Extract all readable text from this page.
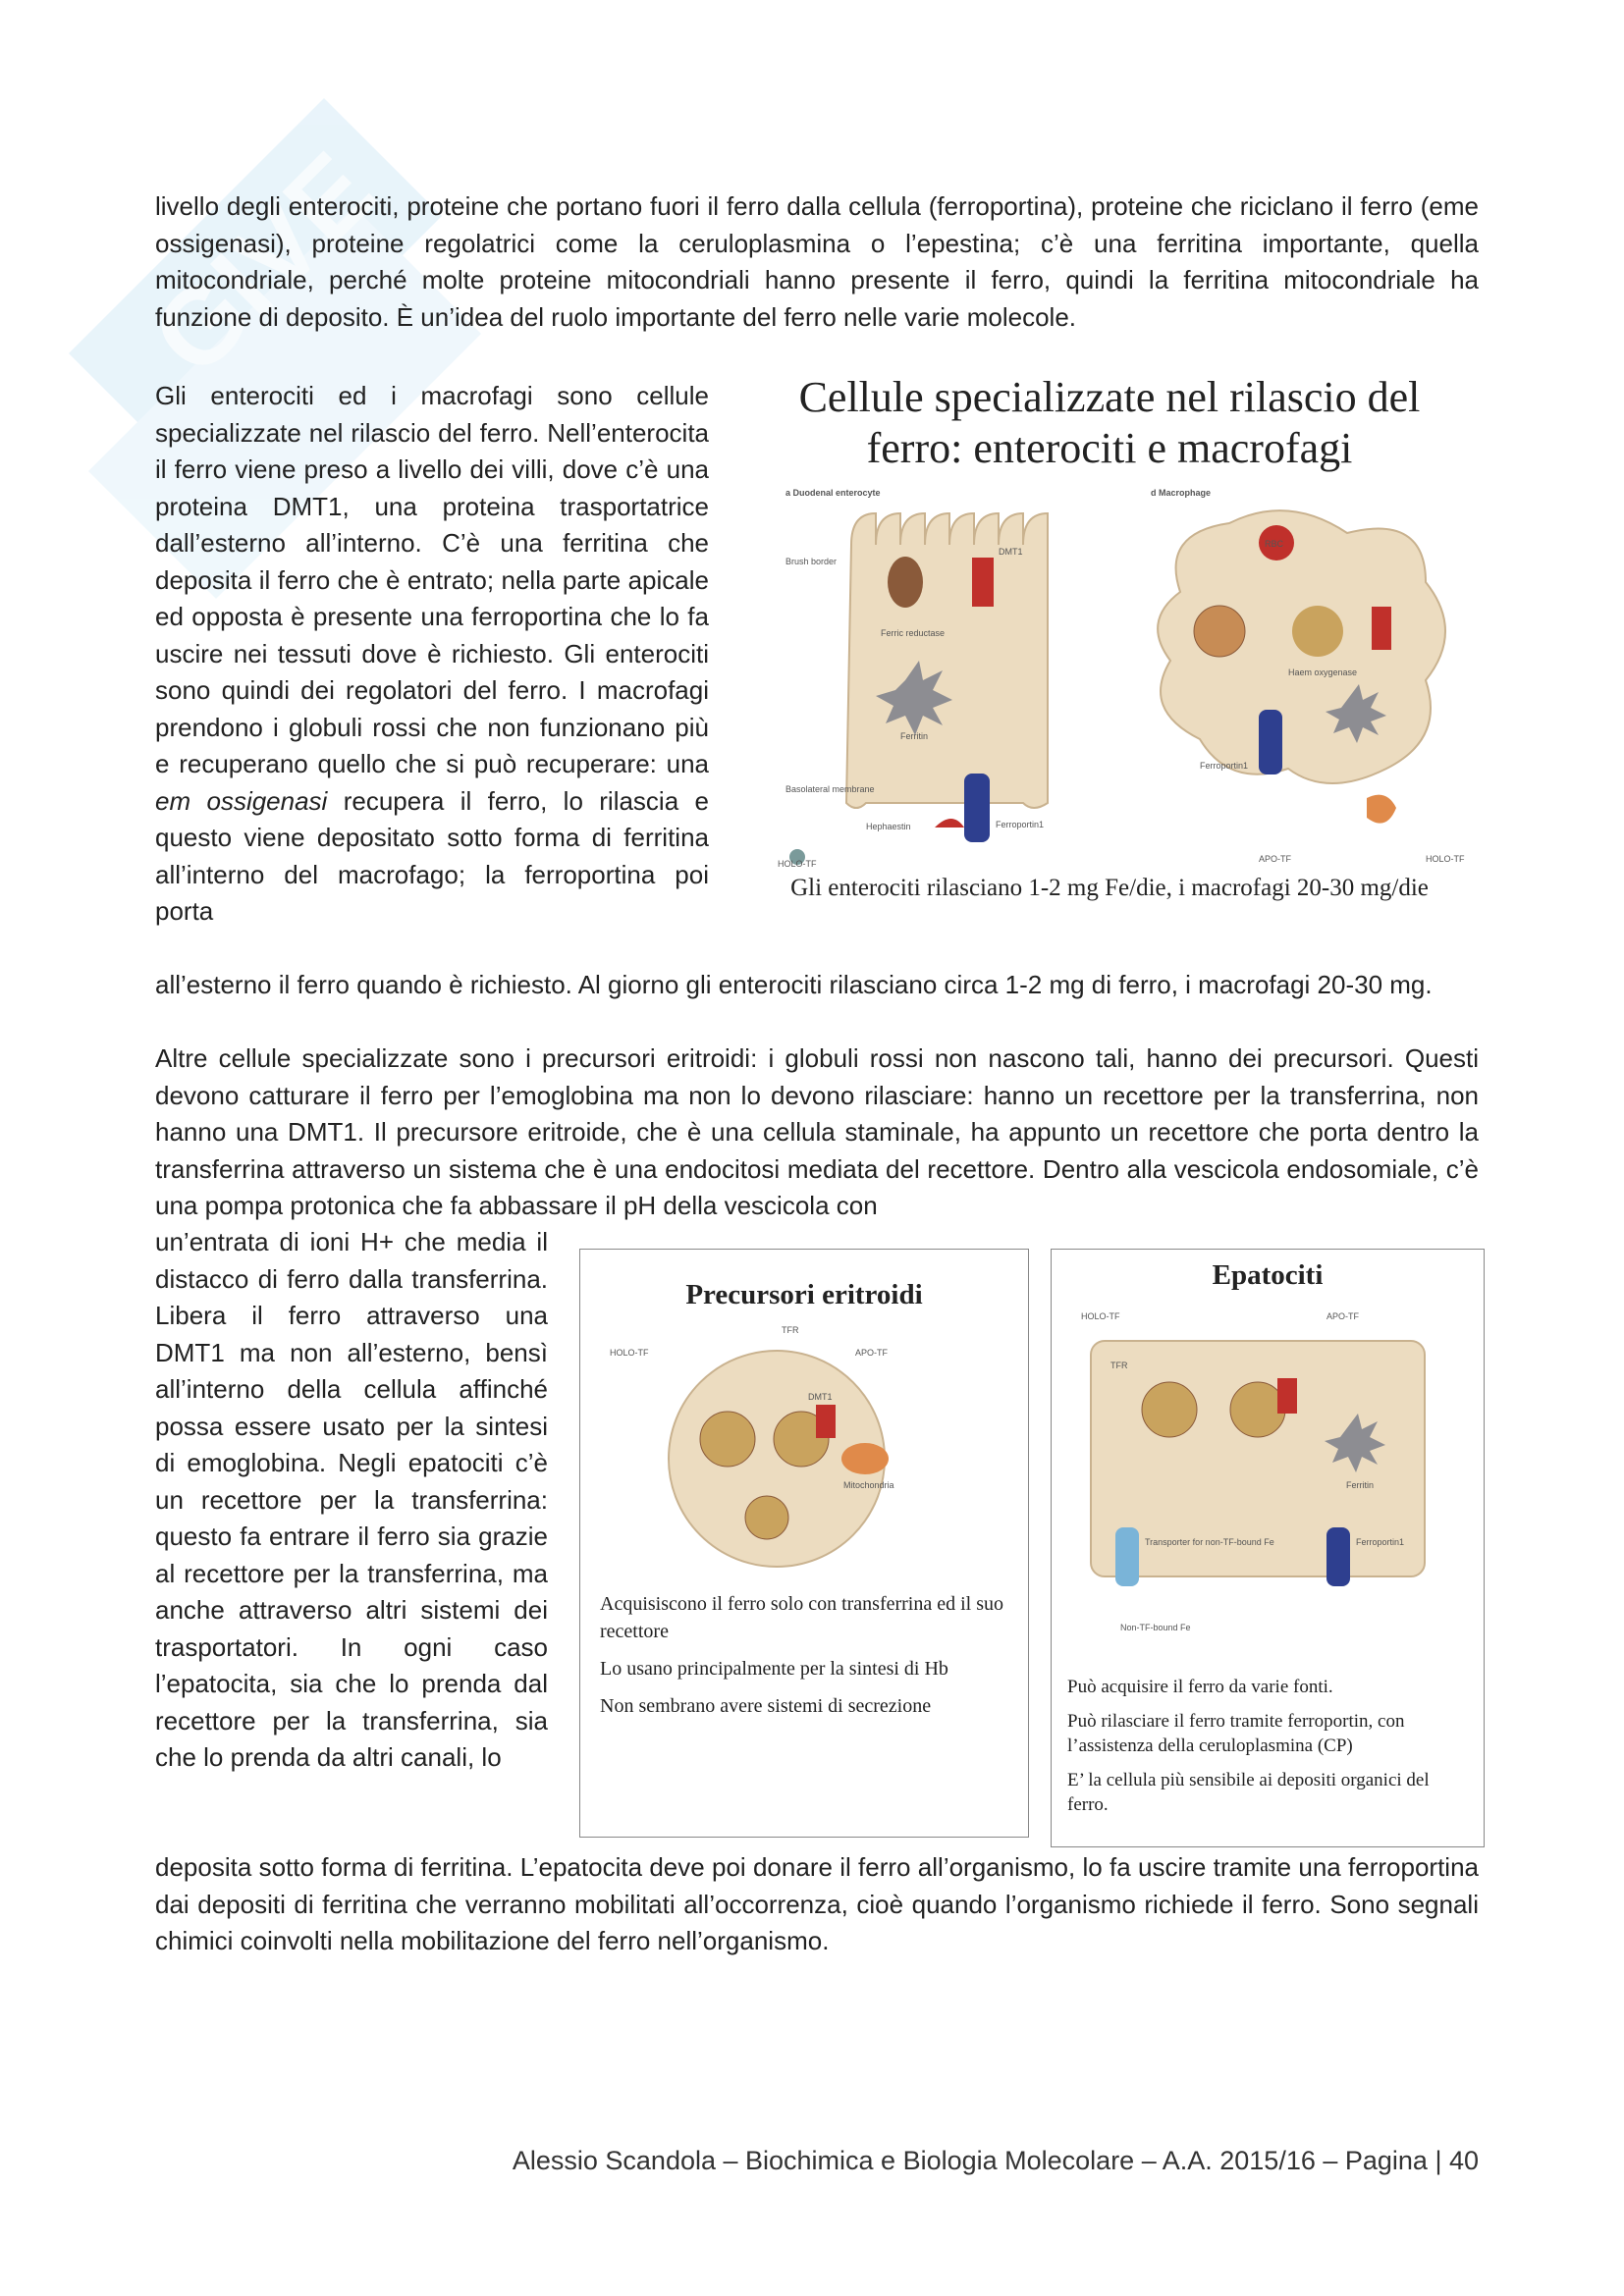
GIVE

livello degli enterociti, proteine che portano fuori il ferro dalla cellula (ferroportina), proteine che riciclano il ferro (eme ossigenasi), proteine regolatrici come la ceruloplasmina o l’epestina; c’è una ferritina importante, quella mitocondriale, perché molte proteine mitocondriali hanno presente il ferro, quindi la ferritina mitocondriale ha funzione di deposito. È un’idea del ruolo importante del ferro nelle varie molecole.

Gli enterociti ed i macrofagi sono cellule specializzate nel rilascio del ferro. Nell’enterocita il ferro viene preso a livello dei villi, dove c’è una proteina DMT1, una proteina trasportatrice dall’esterno all’interno. C’è una ferritina che deposita il ferro che è entrato; nella parte apicale ed opposta è presente una ferroportina che lo fa uscire nei tessuti dove è richiesto. Gli enterociti sono quindi dei regolatori del ferro. I macrofagi prendono i globuli rossi che non funzionano più e recuperano quello che si può recuperare: una em ossigenasi recupera il ferro, lo rilascia e questo viene depositato sotto forma di ferritina all’interno del macrofago; la ferroportina poi porta

all’esterno il ferro quando è richiesto. Al giorno gli enterociti rilasciano circa 1-2 mg di ferro, i macrofagi 20-30 mg.

Altre cellule specializzate sono i precursori eritroidi: i globuli rossi non nascono tali, hanno dei precursori. Questi devono catturare il ferro per l’emoglobina ma non lo devono rilasciare: hanno un recettore per la transferrina, non hanno una DMT1. Il precursore eritroide, che è una cellula staminale, ha appunto un recettore che porta dentro la transferrina attraverso un sistema che è una endocitosi mediata del recettore. Dentro alla vescicola endosomiale, c’è una pompa protonica che fa abbassare il pH della vescicola con

un’entrata di ioni H+ che media il distacco di ferro dalla transferrina. Libera il ferro attraverso una DMT1 ma non all’esterno, bensì all’interno della cellula affinché possa essere usato per la sintesi di emoglobina. Negli epatociti c’è un recettore per la transferrina: questo fa entrare il ferro sia grazie al recettore per la transferrina, ma anche attraverso altri sistemi dei trasportatori. In ogni caso l’epatocita, sia che lo prenda dal recettore per la transferrina, sia che lo prenda da altri canali, lo

deposita sotto forma di ferritina. L’epatocita deve poi donare il ferro all’organismo, lo fa uscire tramite una ferroportina dai depositi di ferritina che verranno mobilitati all’occorrenza, cioè quando l’organismo richiede il ferro. Sono segnali chimici coinvolti nella mobilitazione del ferro nell’organismo.

Cellule specializzate nel rilascio del
ferro: enterociti e macrofagi
a Duodenal enterocyte
Brush border
Basolateral membrane
Ferric reductase
DMT1
Ferritin
Ferroportin1
Hephaestin
HOLO-TF
d Macrophage
RBC
Haem oxygenase
Ferroportin1
APO-TF	HOLO-TF
Gli enterociti rilasciano 1-2 mg Fe/die, i macrofagi 20-30 mg/die
Precursori eritroidi
HOLO-TF
TFR
APO-TF
DMT1
Mitochondria
Acquisiscono il ferro solo con transferrina ed il suo recettore
Lo usano principalmente per la sintesi di Hb
Non sembrano avere sistemi di secrezione
Epatociti
HOLO-TF	APO-TF
TFR
Ferritin
Transporter for non-TF-bound Fe
Non-TF-bound Fe
Ferroportin1
Può acquisire il ferro da varie fonti.
Può rilasciare il ferro tramite ferroportin, con l’assistenza della ceruloplasmina (CP)
E’ la cellula più sensibile ai depositi organici del ferro.
Alessio Scandola – Biochimica e Biologia Molecolare – A.A. 2015/16 – Pagina | 40
